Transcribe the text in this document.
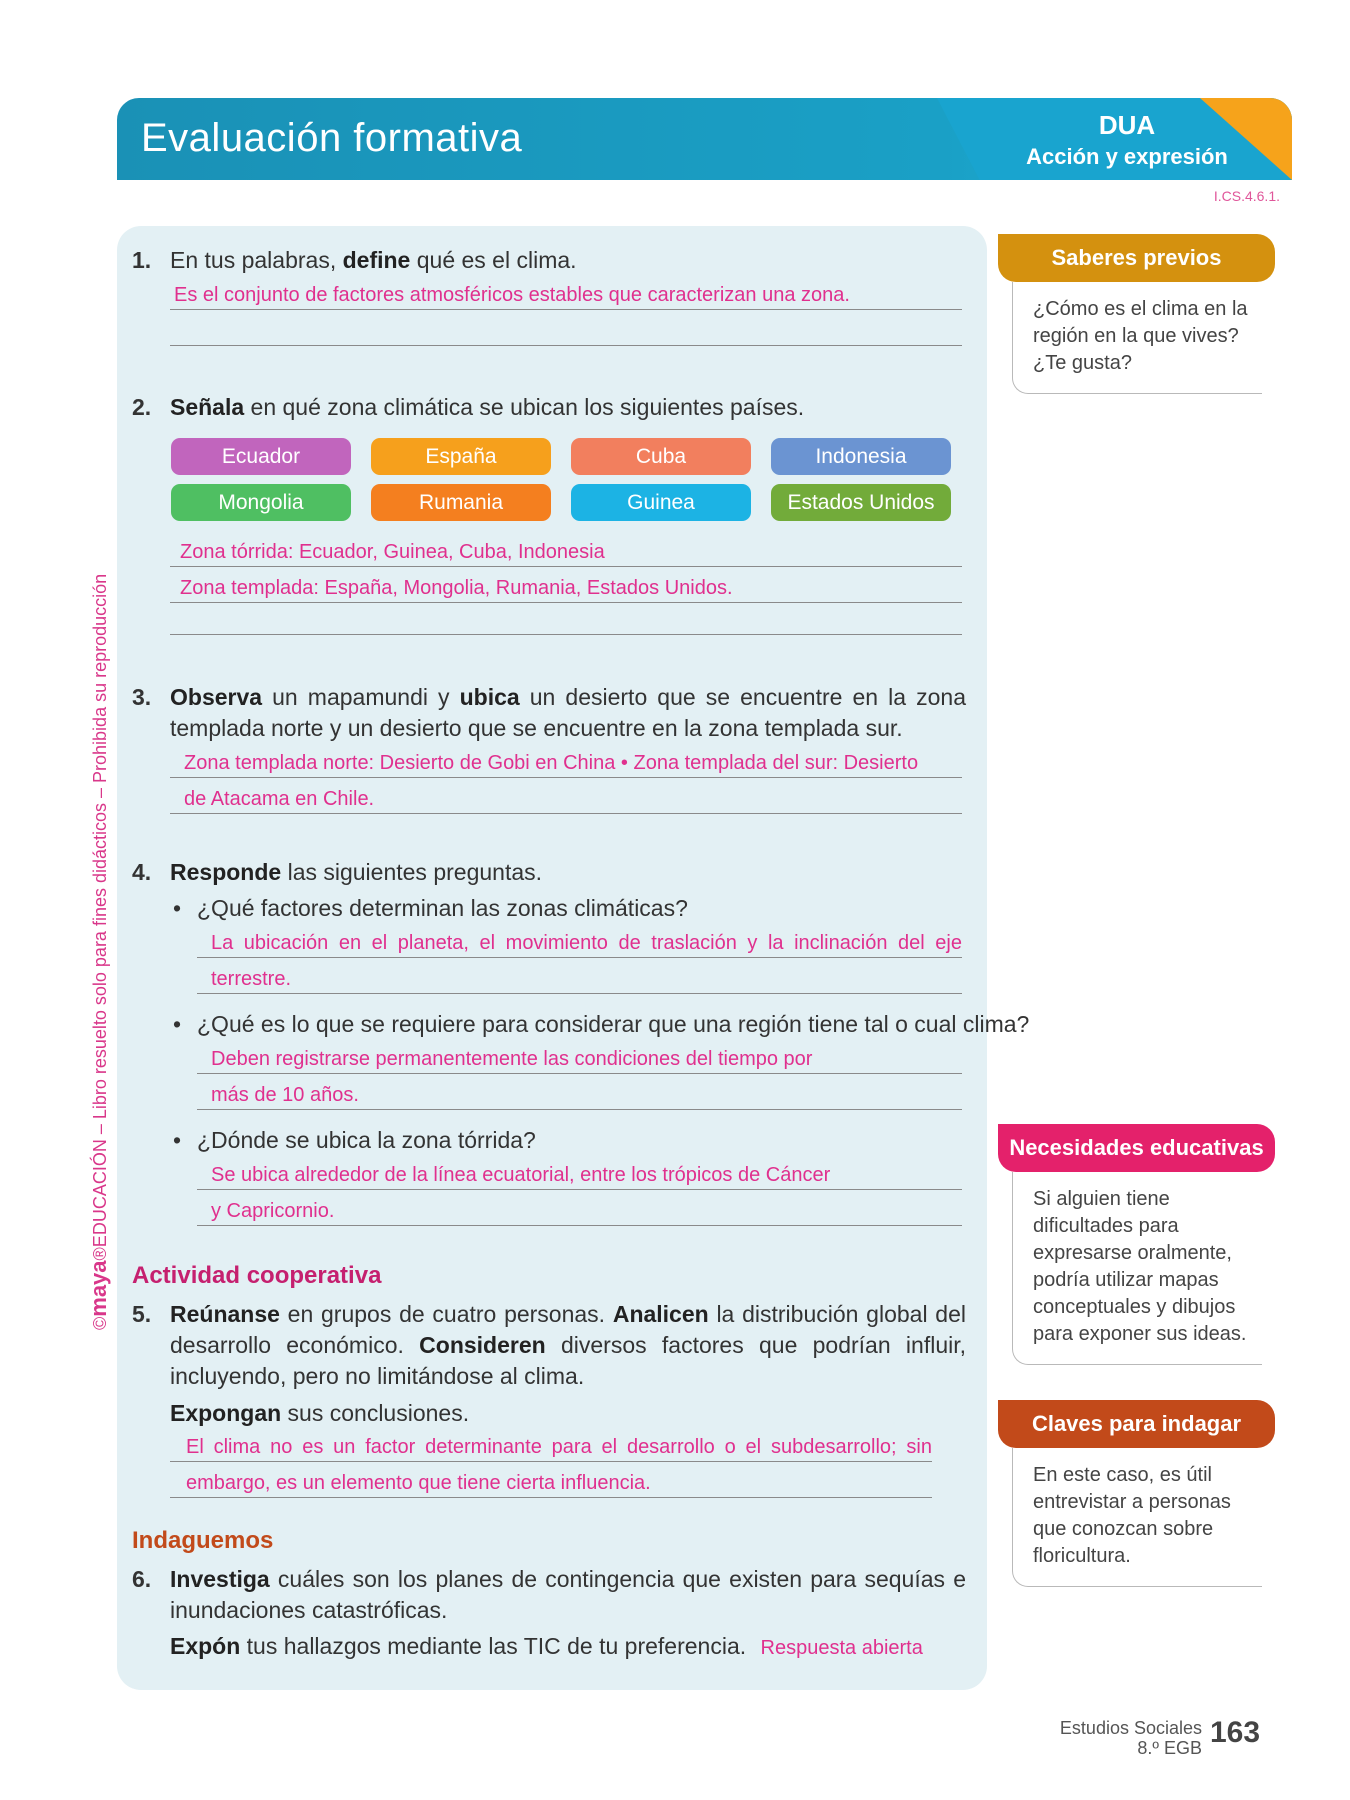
Evaluación formativa	DUA
Acción y expresión
I.CS.4.6.1.
©maya®EDUCACIÓN – Libro resuelto solo para fines didácticos – Prohibida su reproducción
1. En tus palabras, define qué es el clima.
Es el conjunto de factores atmosféricos estables que caracterizan una zona.
2. Señala en qué zona climática se ubican los siguientes países.
Ecuador	España	Cuba	Indonesia
Mongolia	Rumania	Guinea	Estados Unidos
Zona tórrida: Ecuador, Guinea, Cuba, Indonesia
Zona templada: España, Mongolia, Rumania, Estados Unidos.
3. Observa un mapamundi y ubica un desierto que se encuentre en la zona templada norte y un desierto que se encuentre en la zona templada sur.
Zona templada norte: Desierto de Gobi en China • Zona templada del sur: Desierto
de Atacama en Chile.
4. Responde las siguientes preguntas.
• ¿Qué factores determinan las zonas climáticas?
La ubicación en el planeta, el movimiento de traslación y la inclinación del eje
terrestre.
• ¿Qué es lo que se requiere para considerar que una región tiene tal o cual clima?
Deben registrarse permanentemente las condiciones del tiempo por
más de 10 años.
• ¿Dónde se ubica la zona tórrida?
Se ubica alrededor de la línea ecuatorial, entre los trópicos de Cáncer
y Capricornio.
Actividad cooperativa
5. Reúnanse en grupos de cuatro personas. Analicen la distribución global del desarrollo económico. Consideren diversos factores que podrían influir, incluyendo, pero no limitándose al clima.
Expongan sus conclusiones.
El clima no es un factor determinante para el desarrollo o el subdesarrollo; sin
embargo, es un elemento que tiene cierta influencia.
Indaguemos
6. Investiga cuáles son los planes de contingencia que existen para sequías e inundaciones catastróficas.
Expón tus hallazgos mediante las TIC de tu preferencia. Respuesta abierta
Saberes previos
¿Cómo es el clima en la región en la que vives? ¿Te gusta?
Necesidades educativas
Si alguien tiene dificultades para expresarse oralmente, podría utilizar mapas conceptuales y dibujos para exponer sus ideas.
Claves para indagar
En este caso, es útil entrevistar a personas que conozcan sobre floricultura.
Estudios Sociales
8.º EGB 163
